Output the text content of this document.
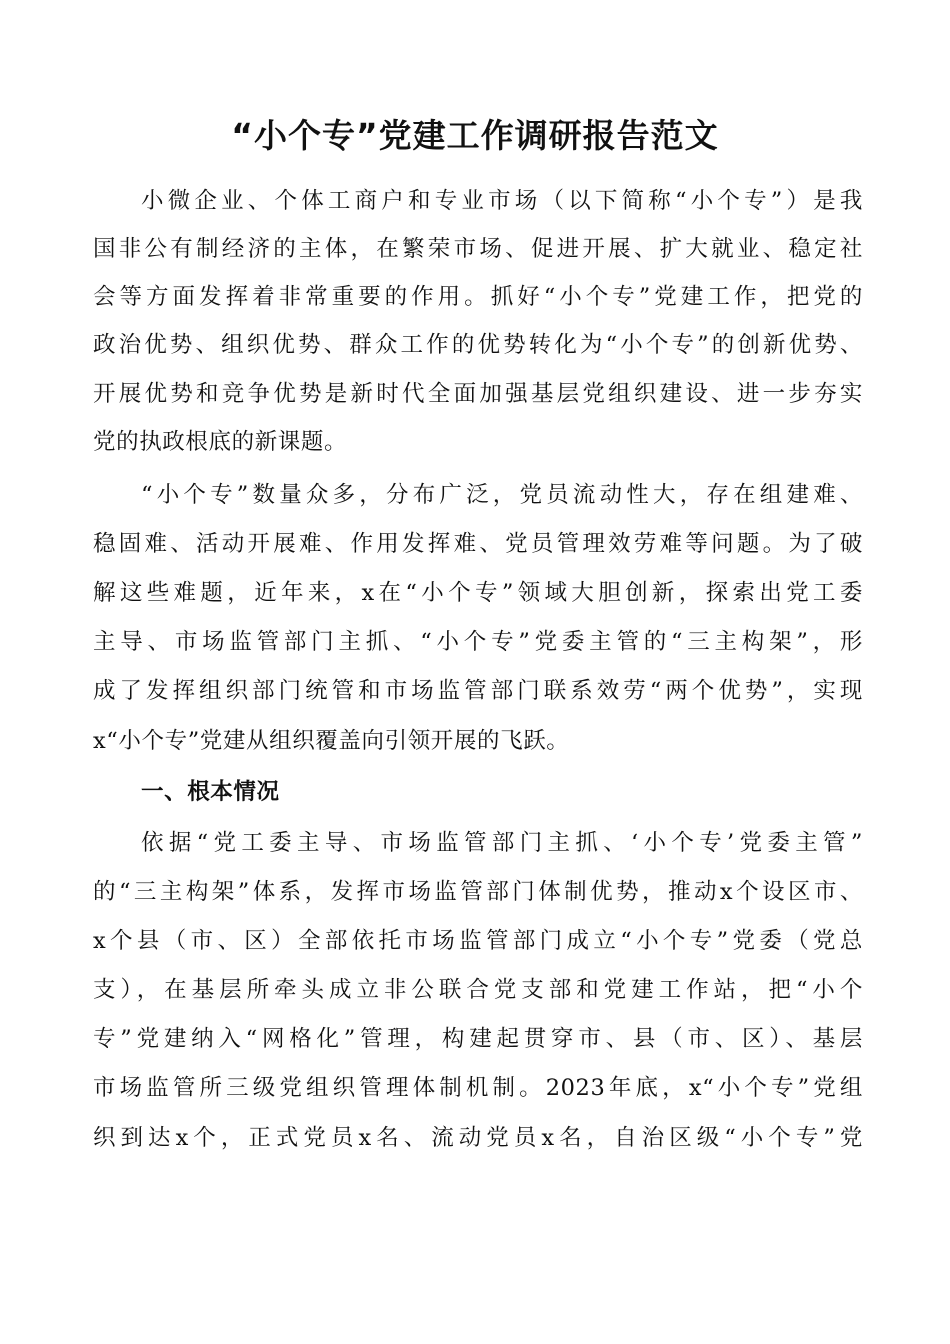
“小个专”党建工作调研报告范文
小微企业、个体工商户和专业市场（以下简称“小个专”）是我
国非公有制经济的主体，在繁荣市场、促进开展、扩大就业、稳定社
会等方面发挥着非常重要的作用。抓好“小个专”党建工作，把党的
政治优势、组织优势、群众工作的优势转化为“小个专”的创新优势、
开展优势和竞争优势是新时代全面加强基层党组织建设、进一步夯实
党的执政根底的新课题。
“小个专”数量众多，分布广泛，党员流动性大，存在组建难、
稳固难、活动开展难、作用发挥难、党员管理效劳难等问题。为了破
解这些难题，近年来，x在“小个专”领域大胆创新，探索出党工委
主导、市场监管部门主抓、“小个专”党委主管的“三主构架”，形
成了发挥组织部门统管和市场监管部门联系效劳“两个优势”，实现
x“小个专”党建从组织覆盖向引领开展的飞跃。
一、根本情况
依据“党工委主导、市场监管部门主抓、‘小个专’党委主管”
的“三主构架”体系，发挥市场监管部门体制优势，推动x个设区市、
x个县（市、区）全部依托市场监管部门成立“小个专”党委（党总
支），在基层所牵头成立非公联合党支部和党建工作站，把“小个
专”党建纳入“网格化”管理，构建起贯穿市、县（市、区）、基层
市场监管所三级党组织管理体制机制。2023年底，x“小个专”党组
织到达x个，正式党员x名、流动党员x名，自治区级“小个专”党
